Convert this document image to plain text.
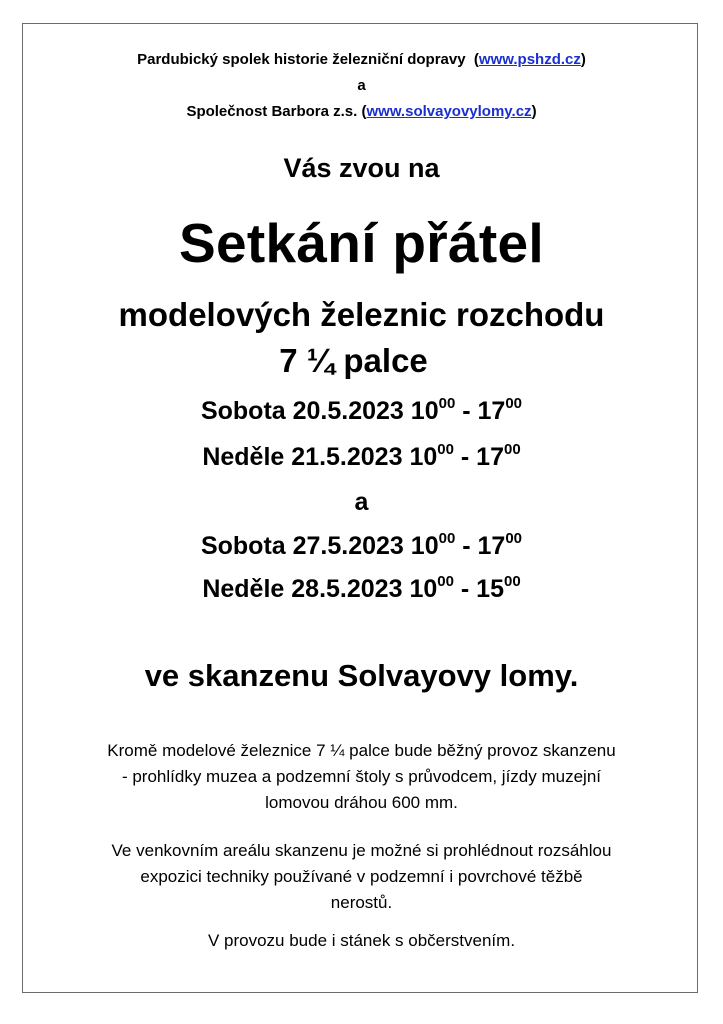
Pardubický spolek historie železniční dopravy  (www.pshzd.cz)
a
Společnost Barbora z.s. (www.solvayovylomy.cz)
Vás zvou na
Setkání přátel
modelových železnic rozchodu
7 ¼ palce
Sobota 20.5.2023 $10^{00} - 17^{00}$
Neděle 21.5.2023 $10^{00} - 17^{00}$
a
Sobota 27.5.2023 $10^{00} - 17^{00}$
Neděle 28.5.2023 $10^{00} - 15^{00}$
ve skanzenu Solvayovy lomy.
Kromě modelové železnice 7 ¼ palce bude běžný provoz skanzenu
- prohlídky muzea a podzemní štoly s průvodcem, jízdy muzejní
lomovou dráhou 600 mm.
Ve venkovním areálu skanzenu je možné si prohlédnout rozsáhlou
expozici techniky používané v podzemní i povrchové těžbě
nerostů.
V provozu bude i stánek s občerstvením.
